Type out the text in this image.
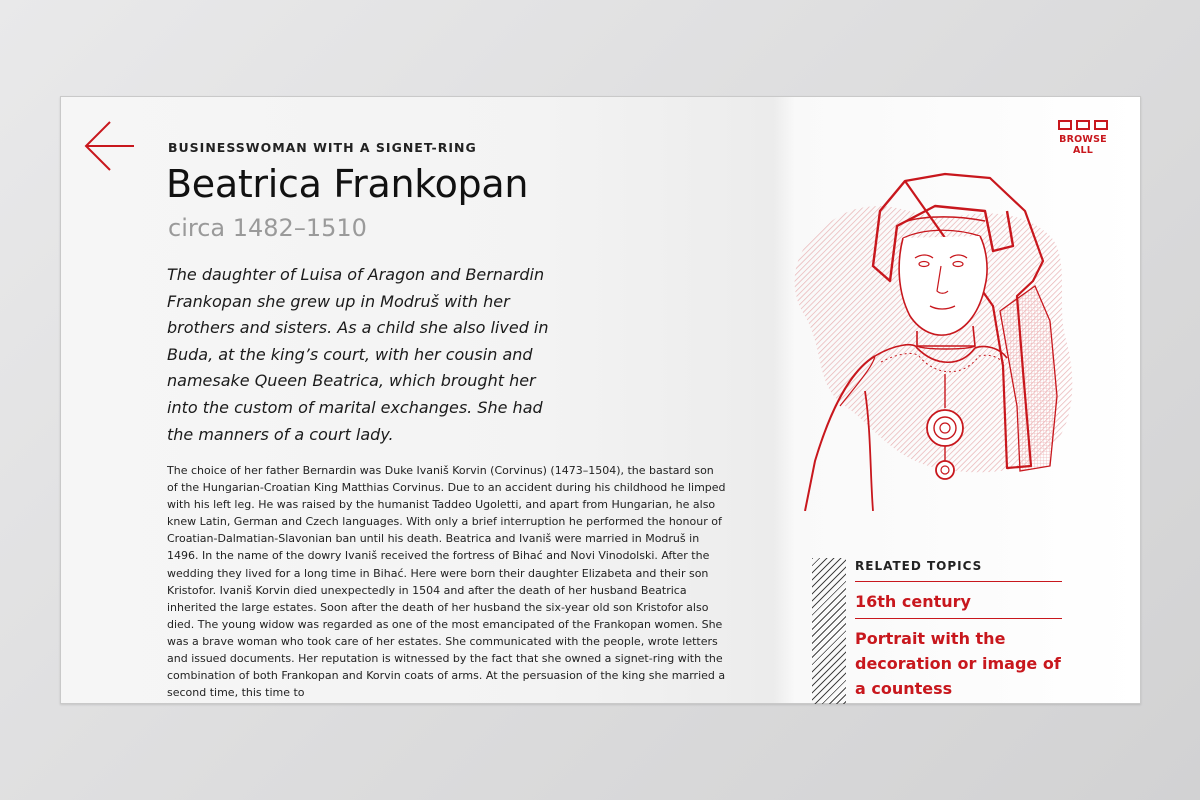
BUSINESSWOMAN WITH A SIGNET-RING
Beatrica Frankopan
circa 1482–1510

The daughter of Luisa of Aragon and Bernardin Frankopan she grew up in Modruš with her brothers and sisters. As a child she also lived in Buda, at the king’s court, with her cousin and namesake Queen Beatrica, which brought her into the custom of marital exchanges. She had the manners of a court lady.

The choice of her father Bernardin was Duke Ivaniš Korvin (Corvinus) (1473–1504), the bastard son of the Hungarian-Croatian King Matthias Corvinus. Due to an accident during his childhood he limped with his left leg. He was raised by the humanist Taddeo Ugoletti, and apart from Hungarian, he also knew Latin, German and Czech languages. With only a brief interruption he performed the honour of Croatian-Dalmatian-Slavonian ban until his death. Beatrica and Ivaniš were married in Modruš in 1496. In the name of the dowry Ivaniš received the fortress of Bihać and Novi Vinodolski. After the wedding they lived for a long time in Bihać. Here were born their daughter Elizabeta and their son Kristofor. Ivaniš Korvin died unexpectedly in 1504 and after the death of her husband Beatrica inherited the large estates. Soon after the death of her husband the six-year old son Kristofor also died. The young widow was regarded as one of the most emancipated of the Frankopan women. She was a brave woman who took care of her estates. She communicated with the people, wrote letters and issued documents. Her reputation is witnessed by the fact that she owned a signet-ring with the combination of both Frankopan and Korvin coats of arms. At the persuasion of the king she married a second time, this time to

BROWSE ALL
RELATED TOPICS
16th century
Portrait with the decoration or image of a countess
